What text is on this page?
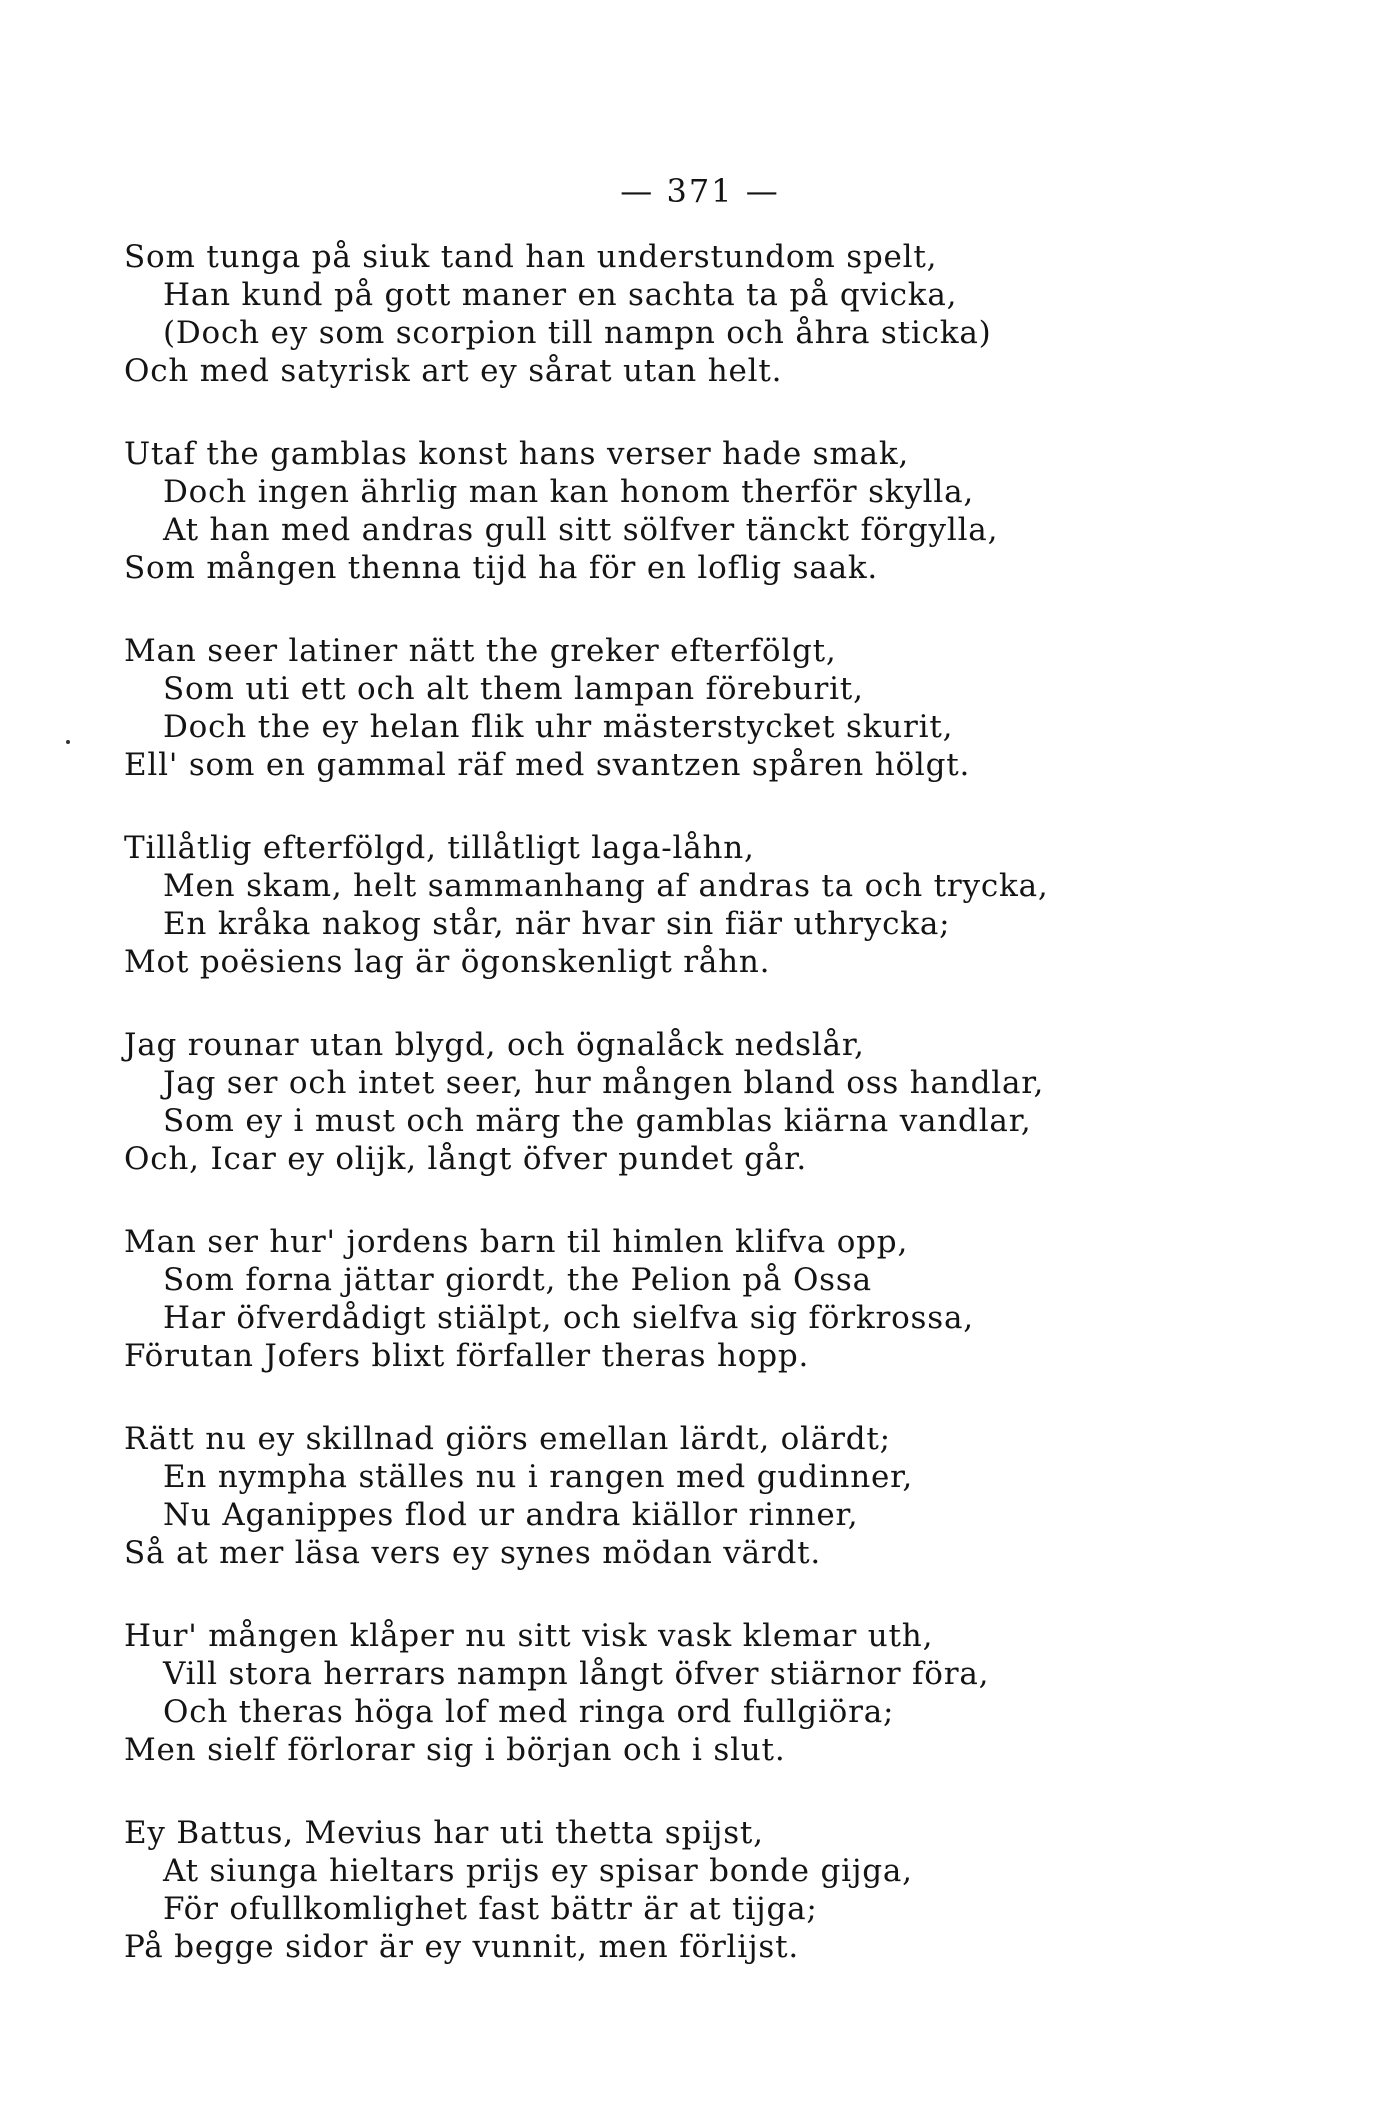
— 371 —
Som tunga på siuk tand han understundom spelt,
Han kund på gott maner en sachta ta på qvicka,
(Doch ey som scorpion till nampn och åhra sticka)
Och med satyrisk art ey sårat utan helt.
Utaf the gamblas konst hans verser hade smak,
Doch ingen ährlig man kan honom therför skylla,
At han med andras gull sitt sölfver tänckt förgylla,
Som mången thenna tijd ha för en loflig saak.
Man seer latiner nätt the greker efterfölgt,
Som uti ett och alt them lampan föreburit,
Doch the ey helan flik uhr mästerstycket skurit,
Ell' som en gammal räf med svantzen spåren hölgt.
Tillåtlig efterfölgd, tillåtligt laga-låhn,
Men skam, helt sammanhang af andras ta och trycka,
En kråka nakog står, när hvar sin fiär uthrycka;
Mot poësiens lag är ögonskenligt råhn.
Jag rounar utan blygd, och ögnalåck nedslår,
Jag ser och intet seer, hur mången bland oss handlar,
Som ey i must och märg the gamblas kiärna vandlar,
Och, Icar ey olijk, långt öfver pundet går.
Man ser hur' jordens barn til himlen klifva opp,
Som forna jättar giordt, the Pelion på Ossa
Har öfverdådigt stiälpt, och sielfva sig förkrossa,
Förutan Jofers blixt förfaller theras hopp.
Rätt nu ey skillnad giörs emellan lärdt, olärdt;
En nympha ställes nu i rangen med gudinner,
Nu Aganippes flod ur andra kiällor rinner,
Så at mer läsa vers ey synes mödan värdt.
Hur' mången klåper nu sitt visk vask klemar uth,
Vill stora herrars nampn långt öfver stiärnor föra,
Och theras höga lof med ringa ord fullgiöra;
Men sielf förlorar sig i början och i slut.
Ey Battus, Mevius har uti thetta spijst,
At siunga hieltars prijs ey spisar bonde gijga,
För ofullkomlighet fast bättr är at tijga;
På begge sidor är ey vunnit, men förlijst.
